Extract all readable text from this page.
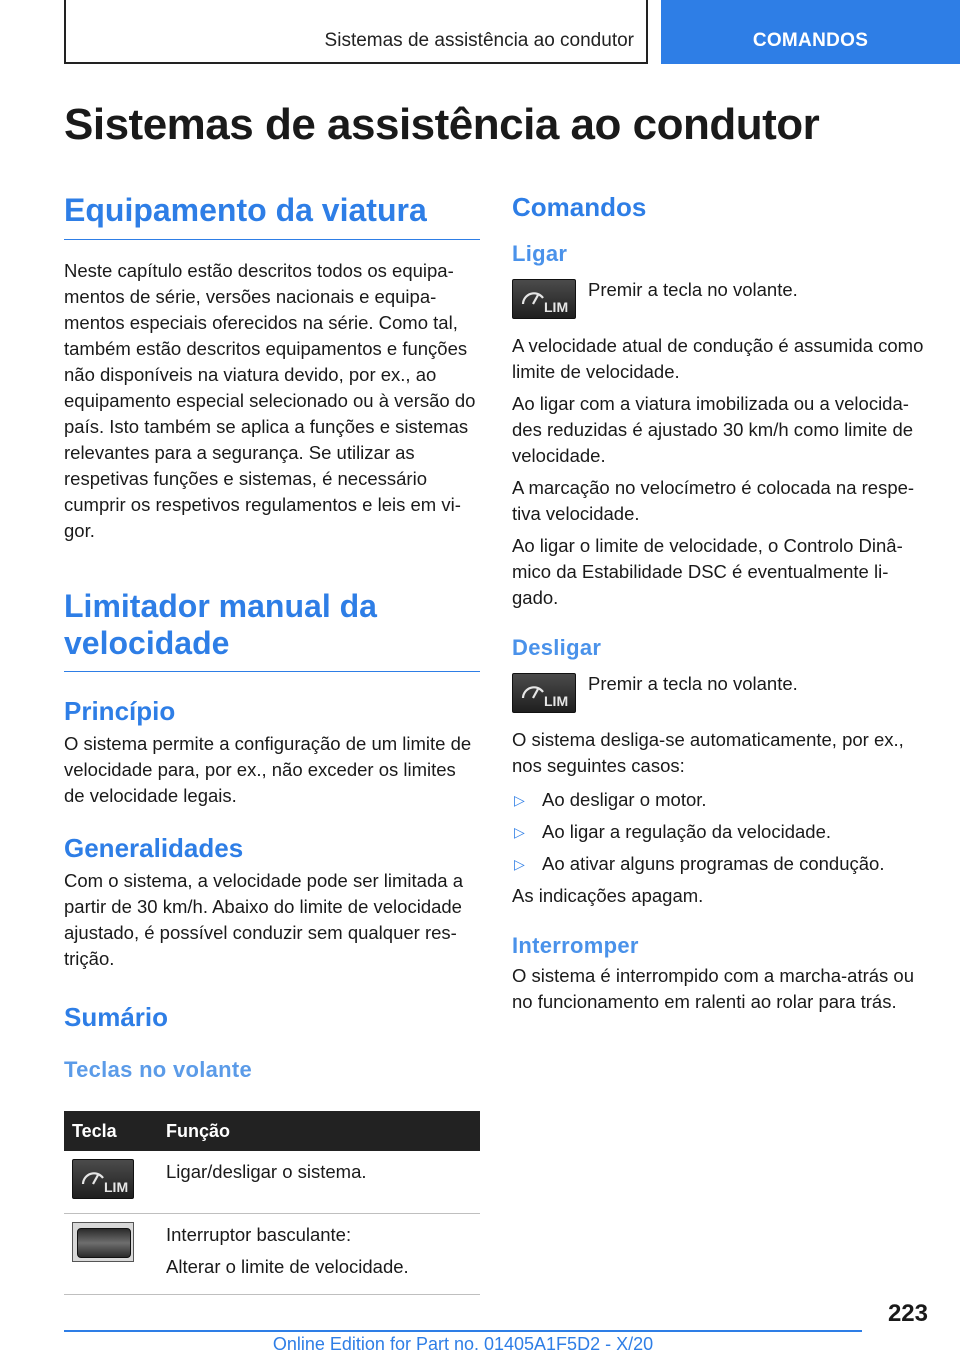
Sistemas de assistência ao condutor	COMANDOS
Sistemas de assistência ao condutor
Equipamento da viatura

Neste capítulo estão descritos todos os equipamentos de série, versões nacionais e equipamentos especiais oferecidos na série. Como tal, também estão descritos equipamentos e funções não disponíveis na viatura devido, por ex., ao equipamento especial selecionado ou à versão do país. Isto também se aplica a funções e sistemas relevantes para a segurança. Se utilizar as respetivas funções e sistemas, é necessário cumprir os respetivos regulamentos e leis em vigor.

Limitador manual da velocidade
Princípio

O sistema permite a configuração de um limite de velocidade para, por ex., não exceder os limites de velocidade legais.

Generalidades

Com o sistema, a velocidade pode ser limitada a partir de 30 km/h. Abaixo do limite de velocidade ajustado, é possível conduzir sem qualquer restrição.

Sumário
Teclas no volante
Tecla	Função

LIM	Ligar/desligar o sistema.

	Interruptor basculante:
Alterar o limite de velocidade.
Comandos
Ligar
LIM

Premir a tecla no volante.

A velocidade atual de condução é assumida como limite de velocidade.

Ao ligar com a viatura imobilizada ou a velocidades reduzidas é ajustado 30 km/h como limite de velocidade.

A marcação no velocímetro é colocada na respetiva velocidade.

Ao ligar o limite de velocidade, o Controlo Dinâmico da Estabilidade DSC é eventualmente ligado.

Desligar
LIM

Premir a tecla no volante.

O sistema desliga-se automaticamente, por ex., nos seguintes casos:

▷ Ao desligar o motor.
▷ Ao ligar a regulação da velocidade.
▷ Ao ativar alguns programas de condução.

As indicações apagam.

Interromper

O sistema é interrompido com a marcha-atrás ou no funcionamento em ralenti ao rolar para trás.

223
Online Edition for Part no. 01405A1F5D2 - X/20
